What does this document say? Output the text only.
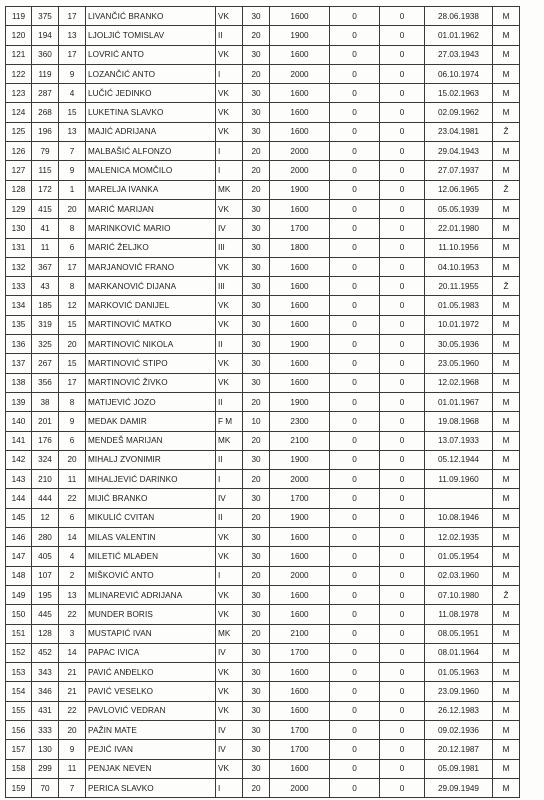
119	375	17	LIVANČIĆ BRANKO	VK	30	1600	0	0	28.06.1938	M
120	194	13	LJOLJIĆ TOMISLAV	II	20	1900	0	0	01.01.1962	M
121	360	17	LOVRIĆ ANTO	VK	30	1600	0	0	27.03.1943	M
122	119	9	LOZANČIĆ ANTO	I	20	2000	0	0	06.10.1974	M
123	287	4	LUČIĆ JEDINKO	VK	30	1600	0	0	15.02.1963	M
124	268	15	LUKETINA SLAVKO	VK	30	1600	0	0	02.09.1962	M
125	196	13	MAJIĆ ADRIJANA	VK	30	1600	0	0	23.04.1981	Ž
126	79	7	MALBAŠIĆ ALFONZO	I	20	2000	0	0	29.04.1943	M
127	115	9	MALENICA MOMČILO	I	20	2000	0	0	27.07.1937	M
128	172	1	MARELJA IVANKA	MK	20	1900	0	0	12.06.1965	Ž
129	415	20	MARIĆ MARIJAN	VK	30	1600	0	0	05.05.1939	M
130	41	8	MARINKOVIĆ MARIO	IV	30	1700	0	0	22.01.1980	M
131	11	6	MARIĆ ŽELJKO	III	30	1800	0	0	11.10.1956	M
132	367	17	MARJANOVIĆ FRANO	VK	30	1600	0	0	04.10.1953	M
133	43	8	MARKANOVIĆ DIJANA	III	30	1600	0	0	20.11.1955	Ž
134	185	12	MARKOVIĆ DANIJEL	VK	30	1600	0	0	01.05.1983	M
135	319	15	MARTINOVIĆ MATKO	VK	30	1600	0	0	10.01.1972	M
136	325	20	MARTINOVIĆ NIKOLA	II	30	1900	0	0	30.05.1936	M
137	267	15	MARTINOVIĆ STIPO	VK	30	1600	0	0	23.05.1960	M
138	356	17	MARTINOVIĆ ŽIVKO	VK	30	1600	0	0	12.02.1968	M
139	38	8	MATIJEVIĆ JOZO	II	20	1900	0	0	01.01.1967	M
140	201	9	MEDAK DAMIR	F M	10	2300	0	0	19.08.1968	M
141	176	6	MENDEŠ MARIJAN	MK	20	2100	0	0	13.07.1933	M
142	324	20	MIHALJ ZVONIMIR	II	30	1900	0	0	05.12.1944	M
143	210	11	MIHALJEVIĆ DARINKO	I	20	2000	0	0	11.09.1960	M
144	444	22	MIJIĆ BRANKO	IV	30	1700	0	0		M
145	12	6	MIKULIĆ CVITAN	II	20	1900	0	0	10.08.1946	M
146	280	14	MILAS VALENTIN	VK	30	1600	0	0	12.02.1935	M
147	405	4	MILETIĆ MLAĐEN	VK	30	1600	0	0	01.05.1954	M
148	107	2	MIŠKOVIĆ ANTO	I	20	2000	0	0	02.03.1960	M
149	195	13	MLINAREVIĆ ADRIJANA	VK	30	1600	0	0	07.10.1980	Ž
150	445	22	MUNDER BORIS	VK	30	1600	0	0	11.08.1978	M
151	128	3	MUSTAPIĆ IVAN	MK	20	2100	0	0	08.05.1951	M
152	452	14	PAPAC IVICA	IV	30	1700	0	0	08.01.1964	M
153	343	21	PAVIĆ ANĐELKO	VK	30	1600	0	0	01.05.1963	M
154	346	21	PAVIĆ VESELKO	VK	30	1600	0	0	23.09.1960	M
155	431	22	PAVLOVIĆ VEDRAN	VK	30	1600	0	0	26.12.1983	M
156	333	20	PAŽIN MATE	IV	30	1700	0	0	09.02.1936	M
157	130	9	PEJIĆ IVAN	IV	30	1700	0	0	20.12.1987	M
158	299	11	PENJAK NEVEN	VK	30	1600	0	0	05.09.1981	M
159	70	7	PERICA SLAVKO	I	20	2000	0	0	29.09.1949	M
